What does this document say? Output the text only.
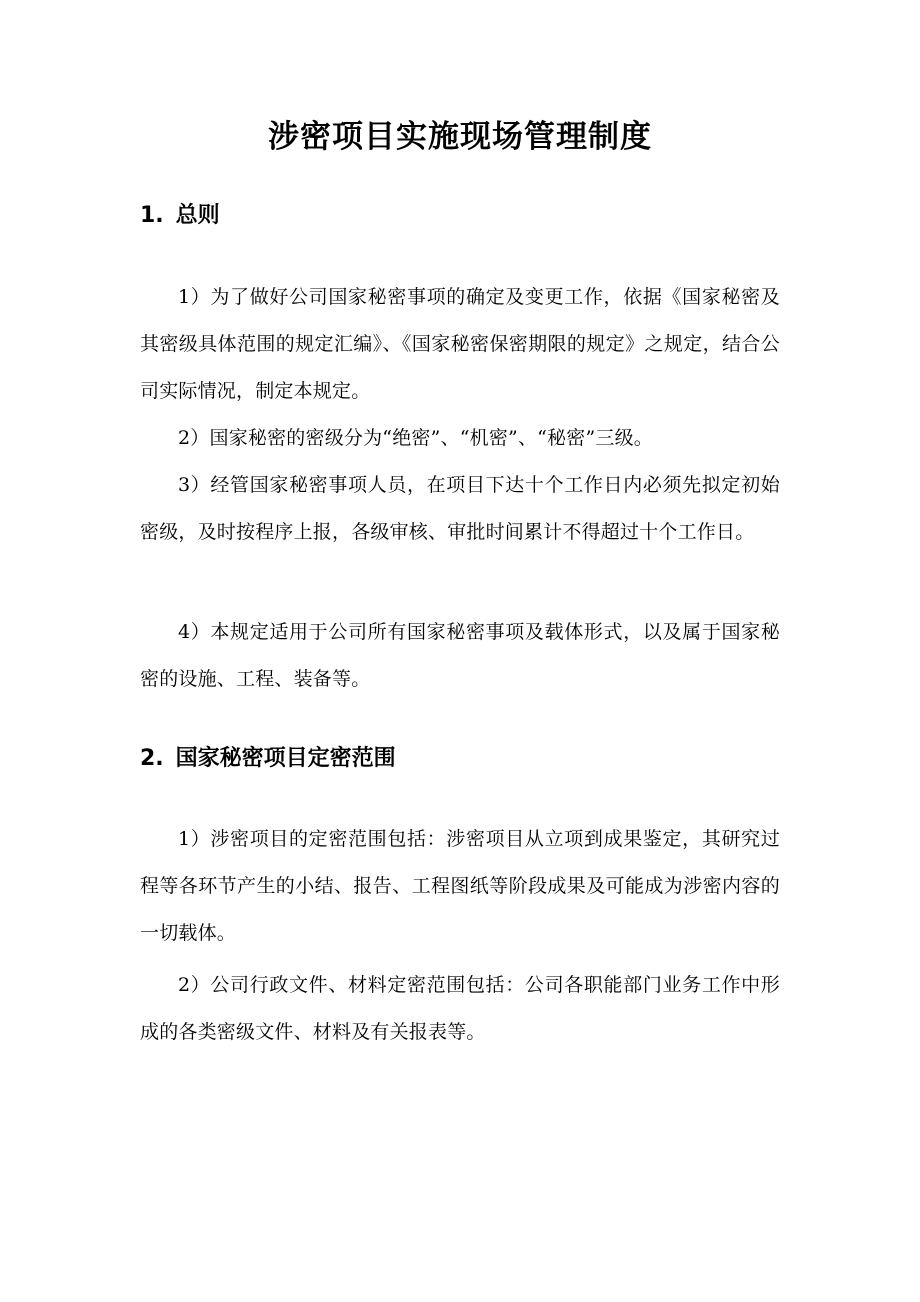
涉密项目实施现场管理制度
1. 总则

1）为了做好公司国家秘密事项的确定及变更工作，依据《国家秘密及其密级具体范围的规定汇编》、《国家秘密保密期限的规定》之规定，结合公司实际情况，制定本规定。

2）国家秘密的密级分为“绝密”、“机密”、“秘密”三级。

3）经管国家秘密事项人员，在项目下达十个工作日内必须先拟定初始密级，及时按程序上报，各级审核、审批时间累计不得超过十个工作日。

4）本规定适用于公司所有国家秘密事项及载体形式，以及属于国家秘密的设施、工程、装备等。

2. 国家秘密项目定密范围

1）涉密项目的定密范围包括：涉密项目从立项到成果鉴定，其研究过程等各环节产生的小结、报告、工程图纸等阶段成果及可能成为涉密内容的一切载体。

2）公司行政文件、材料定密范围包括：公司各职能部门业务工作中形成的各类密级文件、材料及有关报表等。
